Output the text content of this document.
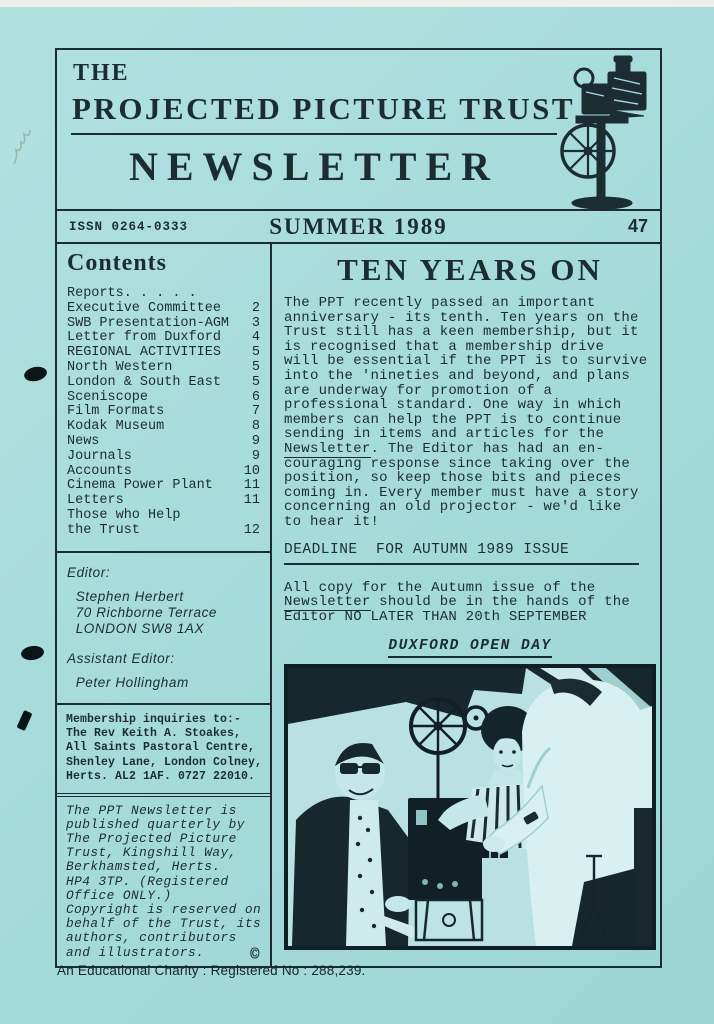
THE
PROJECTED PICTURE TRUST
NEWSLETTER
ISSN 0264-0333	SUMMER 1989	47
Contents
Reports. . . . .
Executive Committee 2
SWB Presentation-AGM 3
Letter from Duxford 4
REGIONAL ACTIVITIES 5
North Western	5
London & South East 5
Sceniscope	6
Film Formats	7
Kodak Museum	8
News	9
Journals	9
Accounts	10
Cinema Power Plant 11
Letters	11
Those who Help
the Trust	12
Editor:
Stephen Herbert
70 Richborne Terrace
LONDON SW8 1AX
Assistant Editor:
Peter Hollingham
Membership inquiries to:-
The Rev Keith A. Stoakes,
All Saints Pastoral Centre,
Shenley Lane, London Colney,
Herts. AL2 1AF. 0727 22010.
The PPT Newsletter is
published quarterly by
The Projected Picture
Trust, Kingshill Way,
Berkhamsted, Herts.
HP4 3TP. (Registered
Office ONLY.)
Copyright is reserved on
behalf of the Trust, its
authors, contributors
and illustrators.	©
TEN YEARS ON
The PPT recently passed an important
anniversary - its tenth. Ten years on the
Trust still has a keen membership, but it
is recognised that a membership drive
will be essential if the PPT is to survive
into the 'nineties and beyond, and plans
are underway for promotion of a
professional standard. One way in which
members can help the PPT is to continue
sending in items and articles for the
Newsletter. The Editor has had an en-
couraging response since taking over the
position, so keep those bits and pieces
coming in. Every member must have a story
concerning an old projector - we'd like
to hear it!
DEADLINE  FOR AUTUMN 1989 ISSUE
All copy for the Autumn issue of the
Newsletter should be in the hands of the
Editor NO LATER THAN 20th SEPTEMBER
DUXFORD OPEN DAY
An Educational Charity : Registered No : 288,239.
